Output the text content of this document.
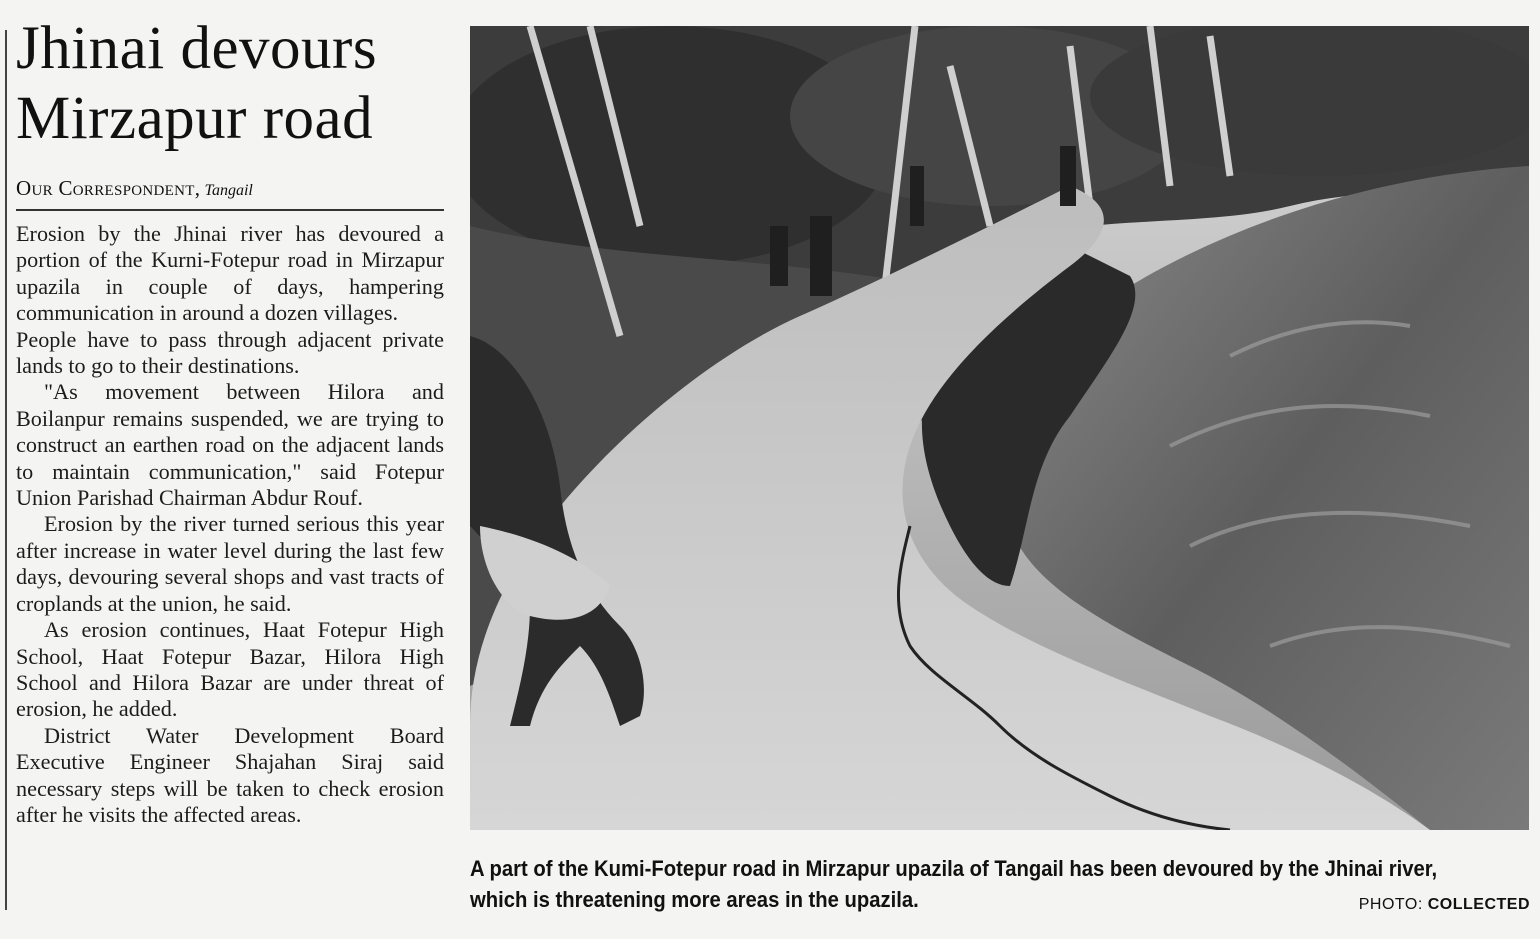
Jhinai devours
Mirzapur road
Our Correspondent, Tangail

Erosion by the Jhinai river has devoured a portion of the Kurni-Fotepur road in Mirzapur upazila in couple of days, hampering communication in around a dozen villages.

People have to pass through adjacent private lands to go to their destinations.

"As movement between Hilora and Boilanpur remains suspended, we are trying to construct an earthen road on the adjacent lands to maintain communication," said Fotepur Union Parishad Chairman Abdur Rouf.

Erosion by the river turned serious this year after increase in water level during the last few days, devouring several shops and vast tracts of croplands at the union, he said.

As erosion continues, Haat Fotepur High School, Haat Fotepur Bazar, Hilora High School and Hilora Bazar are under threat of erosion, he added.

District Water Development Board Executive Engineer Shajahan Siraj said necessary steps will be taken to check erosion after he visits the affected areas.

A part of the Kumi-Fotepur road in Mirzapur upazila of Tangail has been devoured by the Jhinai river, which is threatening more areas in the upazila.	PHOTO: COLLECTED
